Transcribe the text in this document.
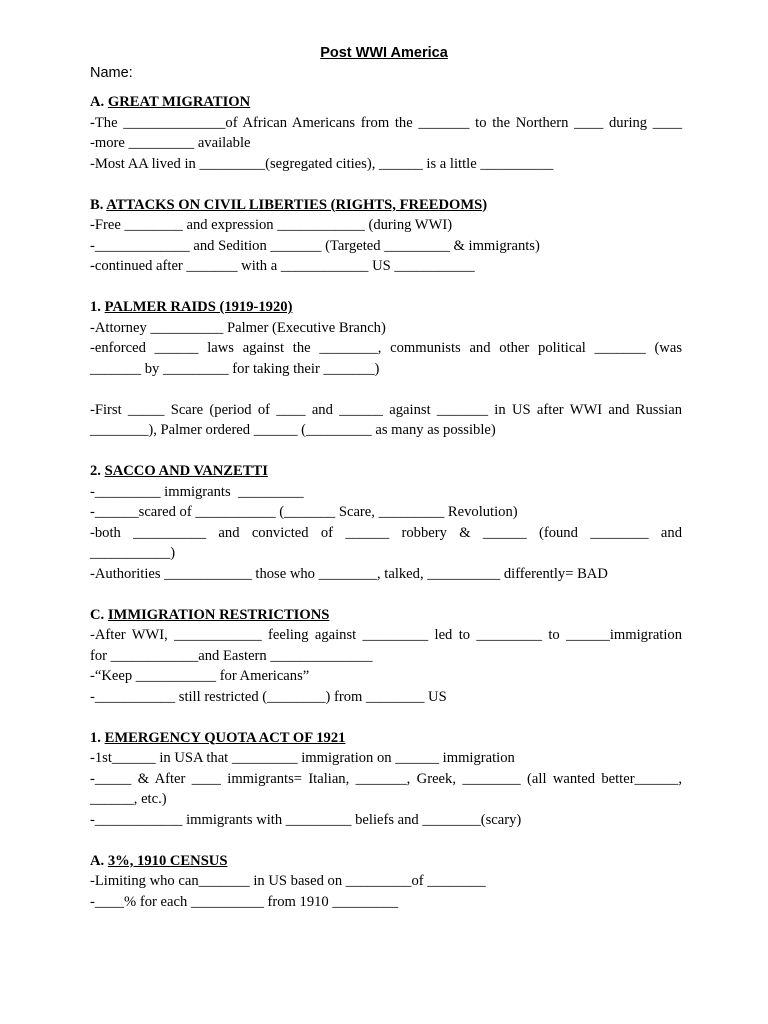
Post WWI America
Name:
A. GREAT MIGRATION
-The ______________of African Americans from the _______ to the Northern ____ during ____
-more _________ available
-Most AA lived in _________(segregated cities), ______ is a little __________
B. ATTACKS ON CIVIL LIBERTIES (RIGHTS, FREEDOMS)
-Free ________ and expression ____________ (during WWI)
-_____________ and Sedition _______ (Targeted _________ & immigrants)
-continued after _______ with a ____________ US ___________
1. PALMER RAIDS (1919-1920)
-Attorney __________ Palmer (Executive Branch)
-enforced ______ laws against the ________, communists and other political _______ (was
_______ by _________ for taking their _______)
-First _____ Scare (period of ____ and ______ against _______ in US after WWI and Russian
________), Palmer ordered ______ (_________ as many as possible)
2. SACCO AND VANZETTI
-_________ immigrants  _________
-______scared of ___________ (_______ Scare, _________ Revolution)
-both __________ and convicted of ______ robbery & ______ (found ________ and
___________)
-Authorities ____________ those who ________, talked, __________ differently= BAD
C. IMMIGRATION RESTRICTIONS
-After WWI, ____________ feeling against _________ led to _________ to ______immigration
for ____________and Eastern ______________
-“Keep ___________ for Americans”
-___________ still restricted (________) from ________ US
1. EMERGENCY QUOTA ACT OF 1921
-1st______ in USA that _________ immigration on ______ immigration
-_____ & After ____ immigrants= Italian, _______, Greek, ________ (all wanted better______,
______, etc.)
-____________ immigrants with _________ beliefs and ________(scary)
A. 3%, 1910 CENSUS
-Limiting who can_______ in US based on _________of ________
-____% for each __________ from 1910 _________
